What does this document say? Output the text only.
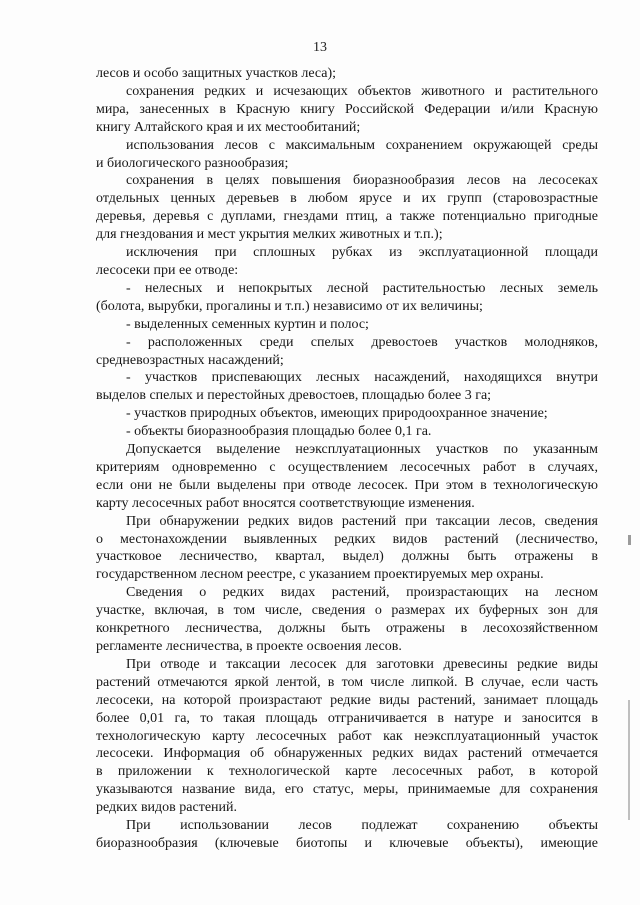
13
лесов и особо защитных участков леса);
сохранения редких и исчезающих объектов животного и растительного
мира, занесенных в Красную книгу Российской Федерации и/или Красную
книгу Алтайского края и их местообитаний;
использования лесов с максимальным сохранением окружающей среды
и биологического разнообразия;
сохранения в целях повышения биоразнообразия лесов на лесосеках
отдельных ценных деревьев в любом ярусе и их групп (старовозрастные
деревья, деревья с дуплами, гнездами птиц, а также потенциально пригодные
для гнездования и мест укрытия мелких животных и т.п.);
исключения при сплошных рубках из эксплуатационной площади
лесосеки при ее отводе:
- нелесных и непокрытых лесной растительностью лесных земель
(болота, вырубки, прогалины и т.п.) независимо от их величины;
- выделенных семенных куртин и полос;
- расположенных среди спелых древостоев участков молодняков,
средневозрастных насаждений;
- участков приспевающих лесных насаждений, находящихся внутри
выделов спелых и перестойных древостоев, площадью более 3 га;
- участков природных объектов, имеющих природоохранное значение;
- объекты биоразнообразия площадью более 0,1 га.
Допускается выделение неэксплуатационных участков по указанным
критериям одновременно с осуществлением лесосечных работ в случаях,
если они не были выделены при отводе лесосек. При этом в технологическую
карту лесосечных работ вносятся соответствующие изменения.
При обнаружении редких видов растений при таксации лесов, сведения
о местонахождении выявленных редких видов растений (лесничество,
участковое лесничество, квартал, выдел) должны быть отражены в
государственном лесном реестре, с указанием проектируемых мер охраны.
Сведения о редких видах растений, произрастающих на лесном
участке, включая, в том числе, сведения о размерах их буферных зон для
конкретного лесничества, должны быть отражены в лесохозяйственном
регламенте лесничества, в проекте освоения лесов.
При отводе и таксации лесосек для заготовки древесины редкие виды
растений отмечаются яркой лентой, в том числе липкой. В случае, если часть
лесосеки, на которой произрастают редкие виды растений, занимает площадь
более 0,01 га, то такая площадь отграничивается в натуре и заносится в
технологическую карту лесосечных работ как неэксплуатационный участок
лесосеки. Информация об обнаруженных редких видах растений отмечается
в приложении к технологической карте лесосечных работ, в которой
указываются название вида, его статус, меры, принимаемые для сохранения
редких видов растений.
При использовании лесов подлежат сохранению объекты
биоразнообразия (ключевые биотопы и ключевые объекты), имеющие
